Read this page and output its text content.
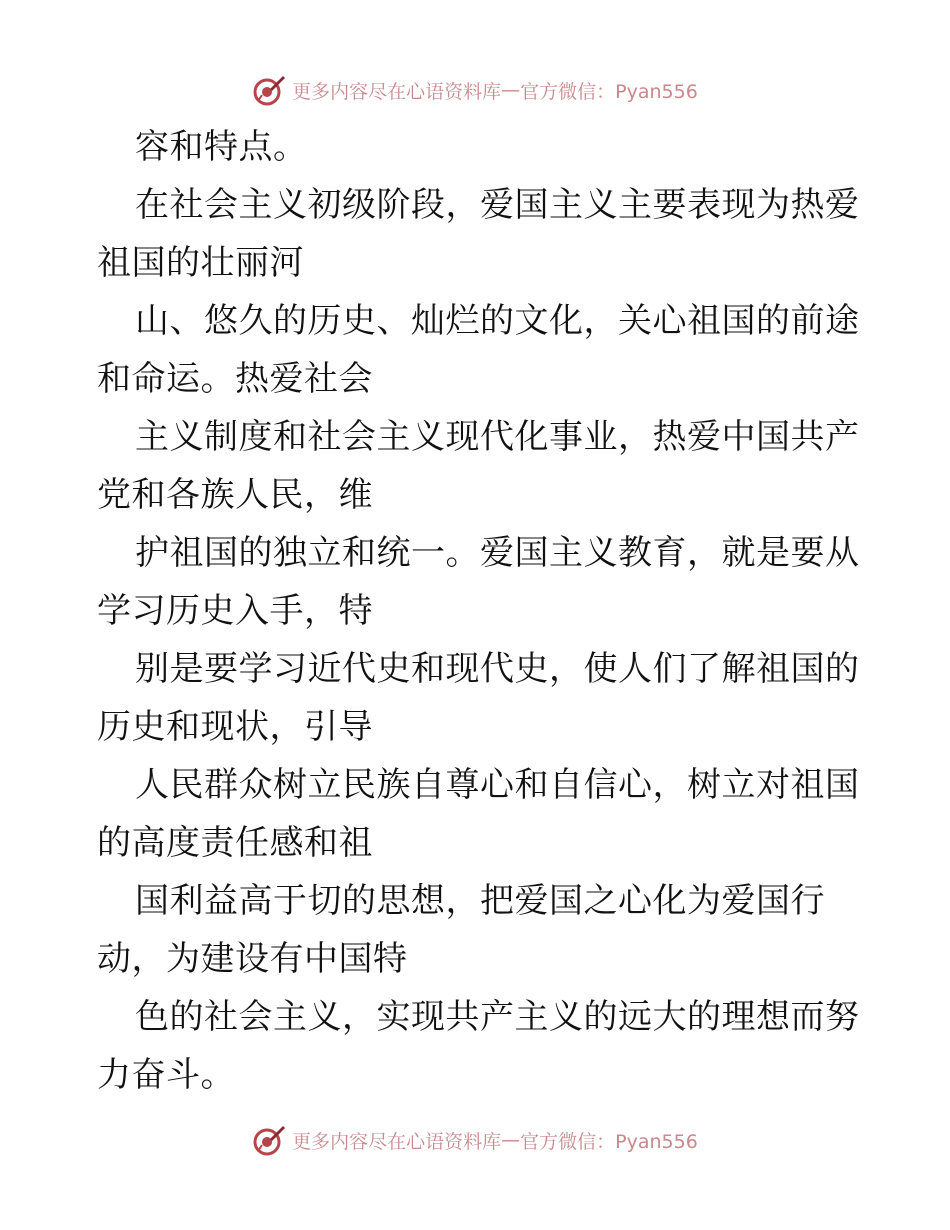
更多内容尽在心语资料库 — 官方微信：Pyan556
容和特点。
在社会主义初级阶段，爱国主义主要表现为热爱
祖国的壮丽河
山、悠久的历史、灿烂的文化，关心祖国的前途
和命运。热爱社会
主义制度和社会主义现代化事业，热爱中国共产
党和各族人民，维
护祖国的独立和统一。爱国主义教育，就是要从
学习历史入手，特
别是要学习近代史和现代史，使人们了解祖国的
历史和现状，引导
人民群众树立民族自尊心和自信心，树立对祖国
的高度责任感和祖
国利益高于切的思想，把爱国之心化为爱国行
动，为建设有中国特
色的社会主义，实现共产主义的远大的理想而努
力奋斗。
更多内容尽在心语资料库 — 官方微信：Pyan556
